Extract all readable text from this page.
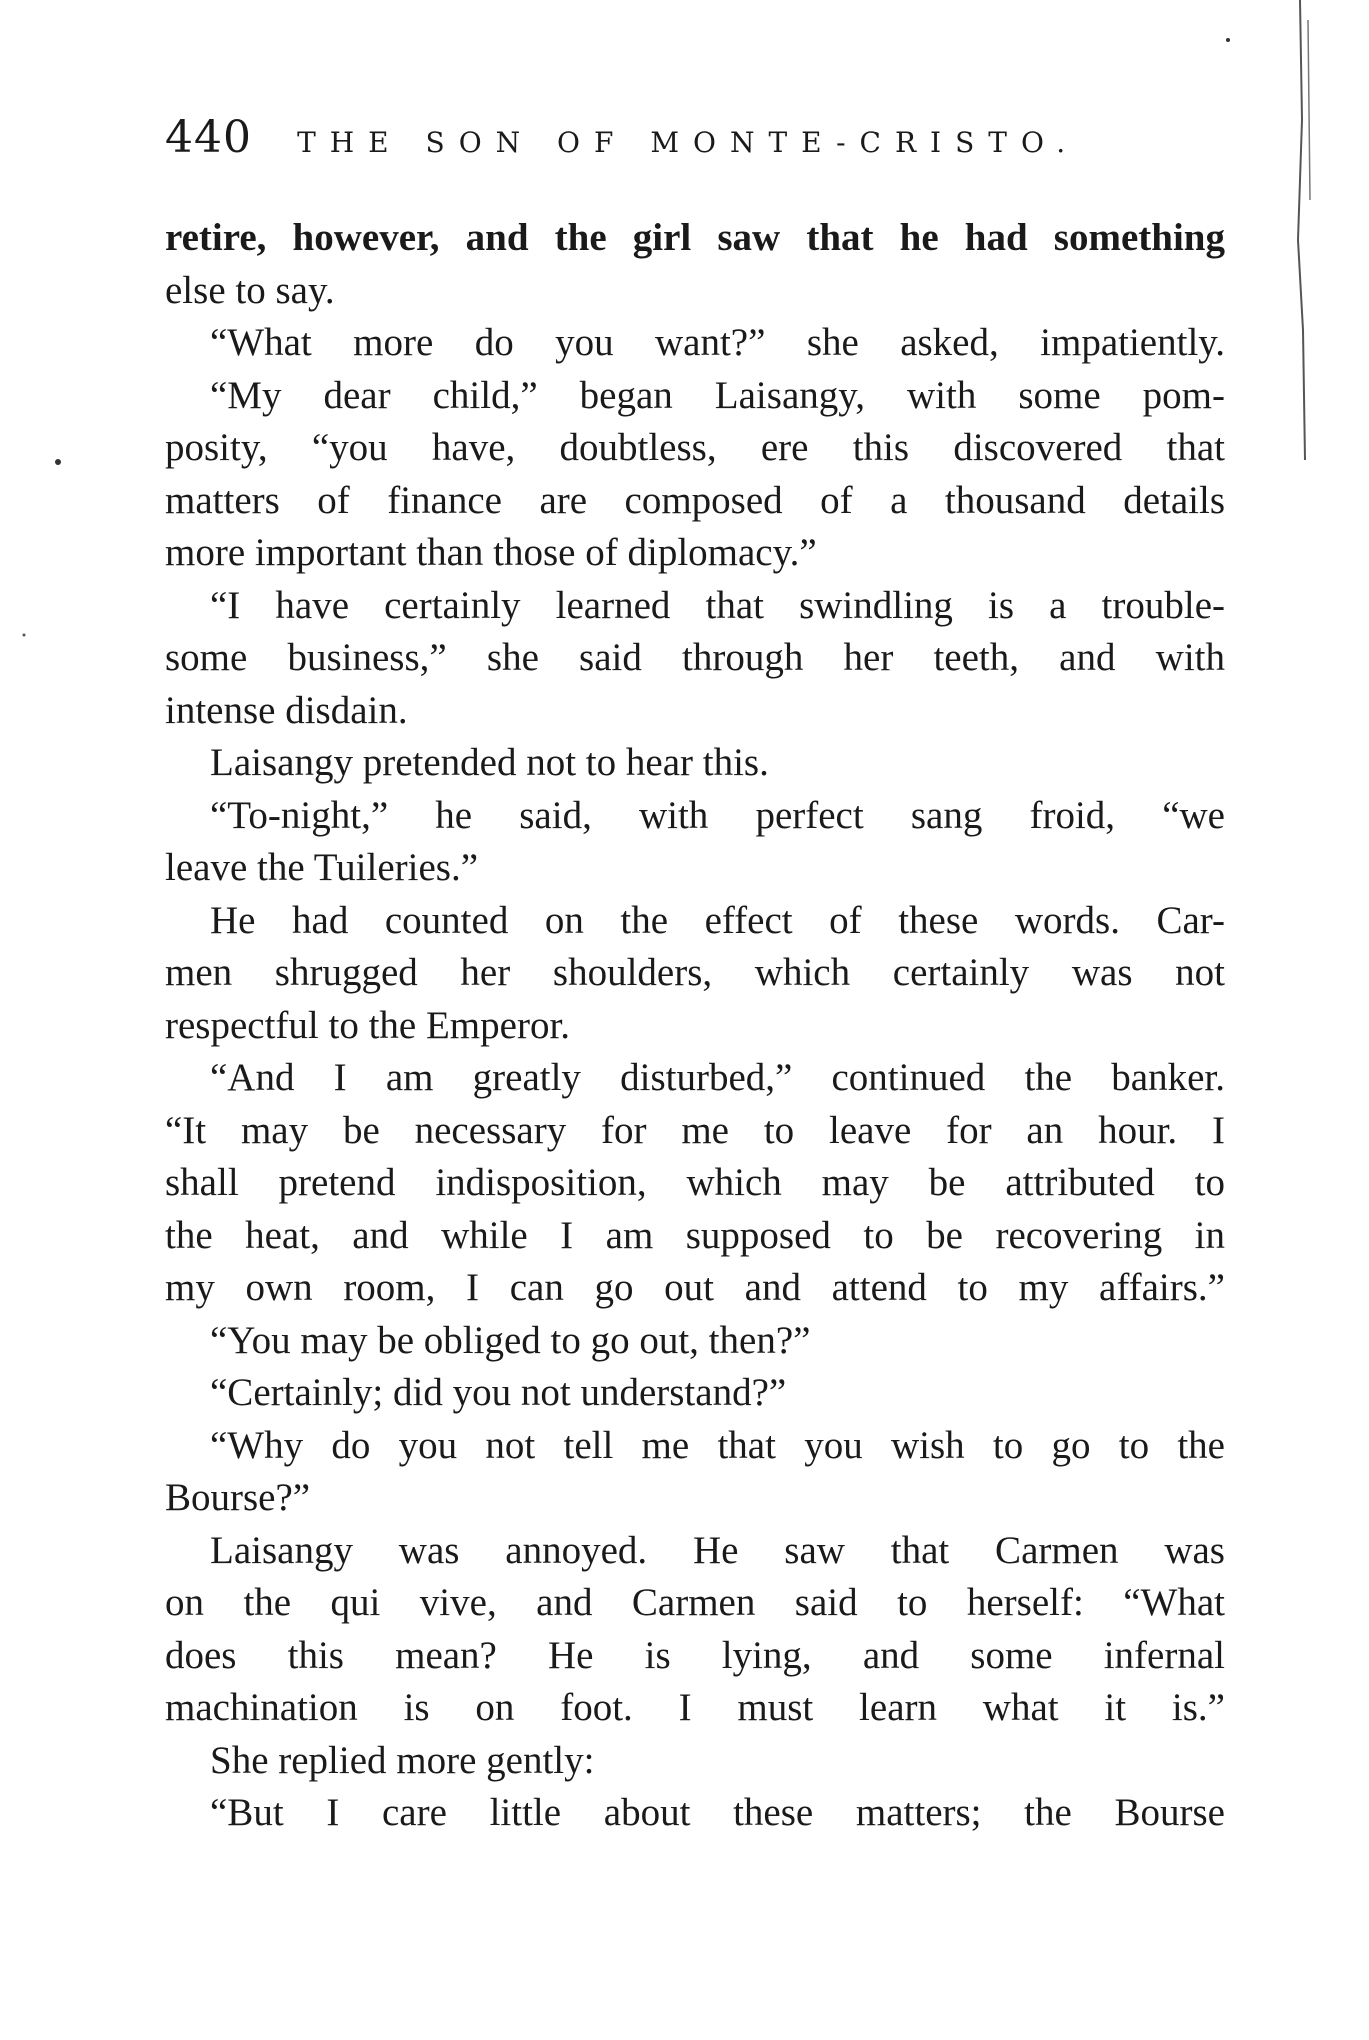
440 THE SON OF MONTE-CRISTO.
retire, however, and the girl saw that he had something
else to say.
“What more do you want?” she asked, impatiently.
“My dear child,” began Laisangy, with some pom-
posity, “you have, doubtless, ere this discovered that
matters of finance are composed of a thousand details
more important than those of diplomacy.”
“I have certainly learned that swindling is a trouble-
some business,” she said through her teeth, and with
intense disdain.
Laisangy pretended not to hear this.
“To-night,” he said, with perfect sang froid, “we
leave the Tuileries.”
He had counted on the effect of these words. Car-
men shrugged her shoulders, which certainly was not
respectful to the Emperor.
“And I am greatly disturbed,” continued the banker.
“It may be necessary for me to leave for an hour. I
shall pretend indisposition, which may be attributed to
the heat, and while I am supposed to be recovering in
my own room, I can go out and attend to my affairs.”
“You may be obliged to go out, then?”
“Certainly; did you not understand?”
“Why do you not tell me that you wish to go to the
Bourse?”
Laisangy was annoyed. He saw that Carmen was
on the qui vive, and Carmen said to herself: “What
does this mean? He is lying, and some infernal
machination is on foot. I must learn what it is.”
She replied more gently:
“But I care little about these matters; the Bourse
